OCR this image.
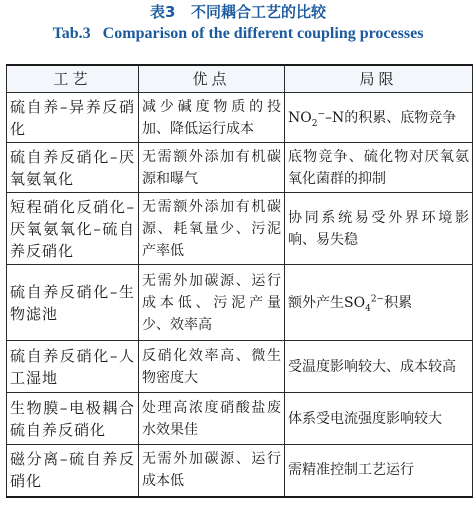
表3   不同耦合工艺的比较
Tab.3   Comparison of the different coupling processes
工艺	优点	局限
硫自养–异养反硝化	减少碱度物质的投加、降低运行成本	$NO_2^--N$的积累、底物竞争
硫自养反硝化–厌氧氨氧化	无需额外添加有机碳源和曝气	底物竞争、硫化物对厌氧氨氧化菌群的抑制
短程硝化反硝化–厌氧氨氧化–硫自养反硝化	无需额外添加有机碳源、耗氧量少、污泥产率低	协同系统易受外界环境影响、易失稳
硫自养反硝化–生物滤池	无需外加碳源、运行成本低、污泥产量少、效率高	额外产生$SO_4^{2-}$积累
硫自养反硝化–人工湿地	反硝化效率高、微生物密度大	受温度影响较大、成本较高
生物膜–电极耦合硫自养反硝化	处理高浓度硝酸盐废水效果佳	体系受电流强度影响较大
磁分离–硫自养反硝化	无需外加碳源、运行成本低	需精准控制工艺运行
